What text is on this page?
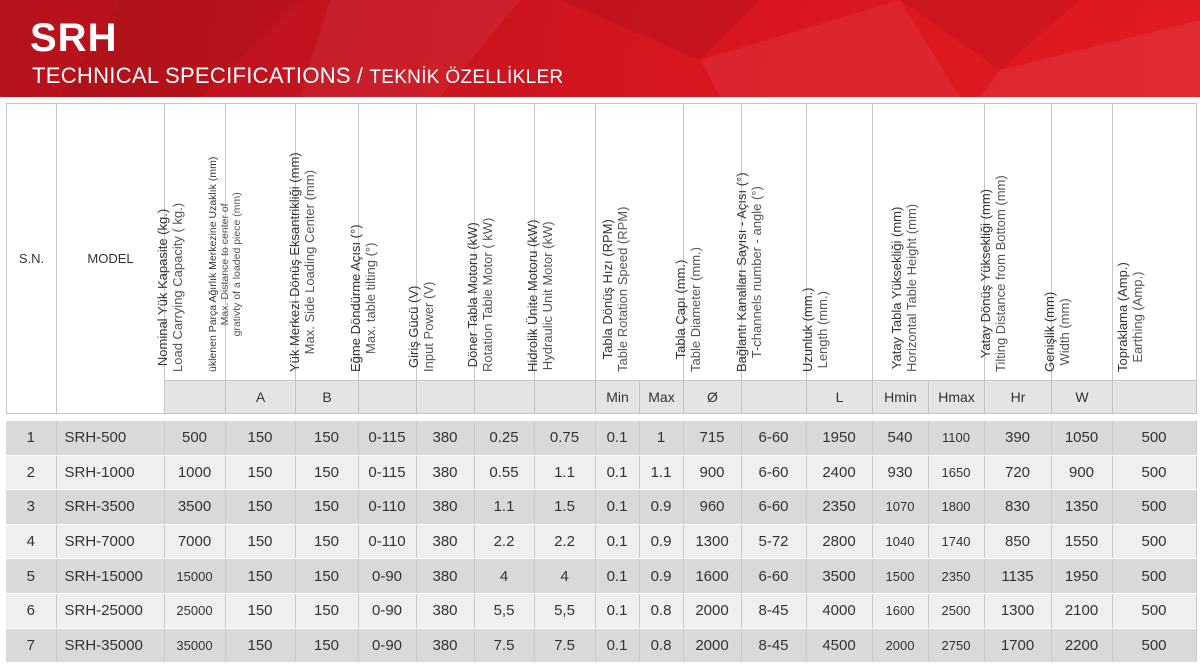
SRH
TECHNICAL SPECIFICATIONS / TEKNİK ÖZELLİKLER
S.N.	MODEL	Nominal Yük Kapasite (kg.) Load Carrying Capacity ( kg.)	üklenen Parça Ağırlık Merkezine Uzaklık (mm) Max. Distance to center of grativty of a loaded piece (mm)	Yük Merkezi Dönüş Eksantrikliği (mm) Max. Side Loading Center (mm)	Eğme Döndürme Açısı (°) Max. table tilting (°)	Giriş Gücü (V) Input Power (V)	Döner Tabla Motoru (kW) Rotation Table Motor ( kW)	Hidrolik Ünite Motoru (kW) Hydraulic Unit Motor (kW)	Tabla Dönüş Hızı (RPM) Table Rotation Speed (RPM)		Tabla Çapı (mm.) Table Diameter (mm.)	Bağlantı Kanalları Sayısı - Açısı (°) T-channels number - angle (°)	Uzunluk (mm.) Length (mm.)	Yatay Tabla Yüksekliği (mm) Horizontal Table Height (mm)		Yatay Dönüş Yüksekliği (mm) Tilting Distance from Bottom (mm)	Genişlik (mm) Width (mm)	Topraklama (Amp.) Earthing (Amp.)

			A	B					Min	Max	Ø		L	Hmin	Hmax	Hr	W	
1	SRH-500	500	150	150	0-115	380	0.25	0.75	0.1	1	715	6-60	1950	540	1100	390	1050	500
2	SRH-1000	1000	150	150	0-115	380	0.55	1.1	0.1	1.1	900	6-60	2400	930	1650	720	900	500
3	SRH-3500	3500	150	150	0-110	380	1.1	1.5	0.1	0.9	960	6-60	2350	1070	1800	830	1350	500
4	SRH-7000	7000	150	150	0-110	380	2.2	2.2	0.1	0.9	1300	5-72	2800	1040	1740	850	1550	500
5	SRH-15000	15000	150	150	0-90	380	4	4	0.1	0.9	1600	6-60	3500	1500	2350	1135	1950	500
6	SRH-25000	25000	150	150	0-90	380	5,5	5,5	0.1	0.8	2000	8-45	4000	1600	2500	1300	2100	500
7	SRH-35000	35000	150	150	0-90	380	7.5	7.5	0.1	0.8	2000	8-45	4500	2000	2750	1700	2200	500
